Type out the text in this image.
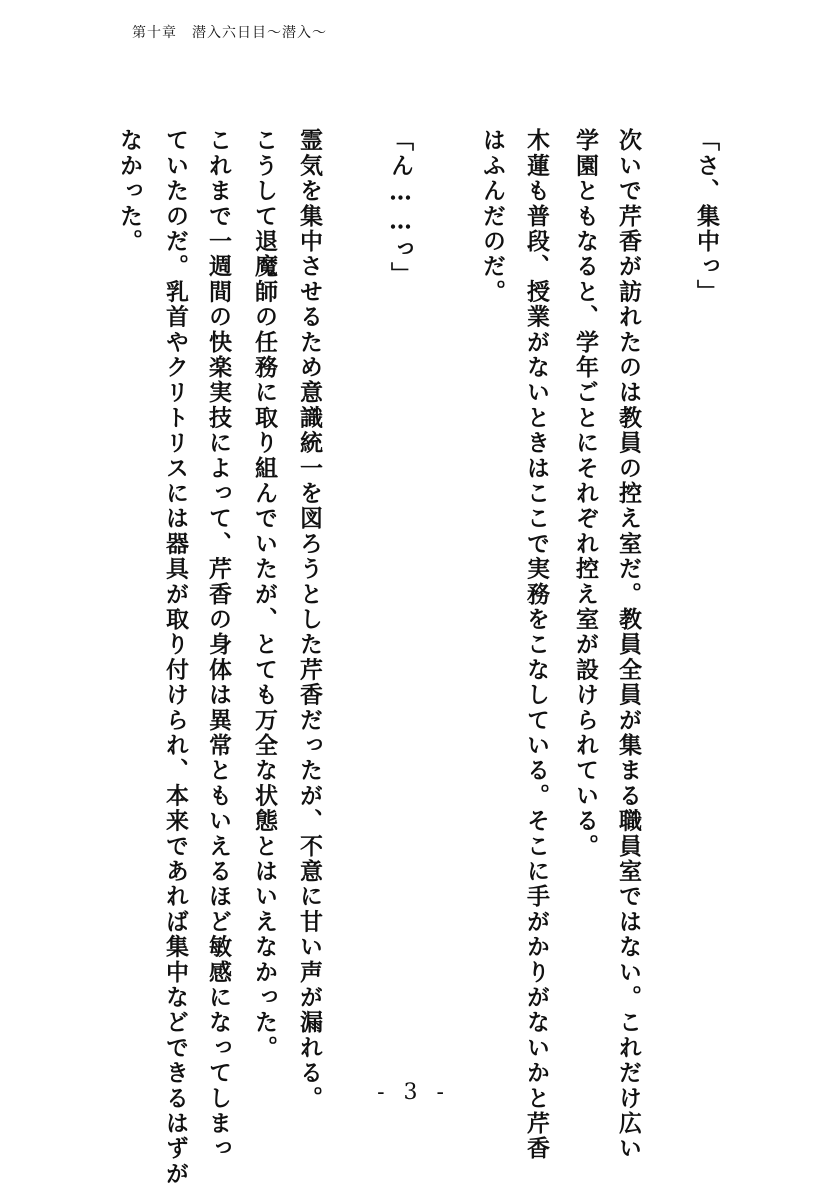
第十章　潜入六日目〜潜入〜
「さ、集中っ」
次いで芹香が訪れたのは教員の控え室だ。教員全員が集まる職員室ではない。これだけ広い
学園ともなると、学年ごとにそれぞれ控え室が設けられている。
木蓮も普段、授業がないときはここで実務をこなしている。そこに手がかりがないかと芹香
はふんだのだ。
「ん……っ」
霊気を集中させるため意識統一を図ろうとした芹香だったが、不意に甘い声が漏れる。
こうして退魔師の任務に取り組んでいたが、とても万全な状態とはいえなかった。
これまで一週間の快楽実技によって、芹香の身体は異常ともいえるほど敏感になってしまっ
ていたのだ。乳首やクリトリスには器具が取り付けられ、本来であれば集中などできるはずが
なかった。
- 3 -
